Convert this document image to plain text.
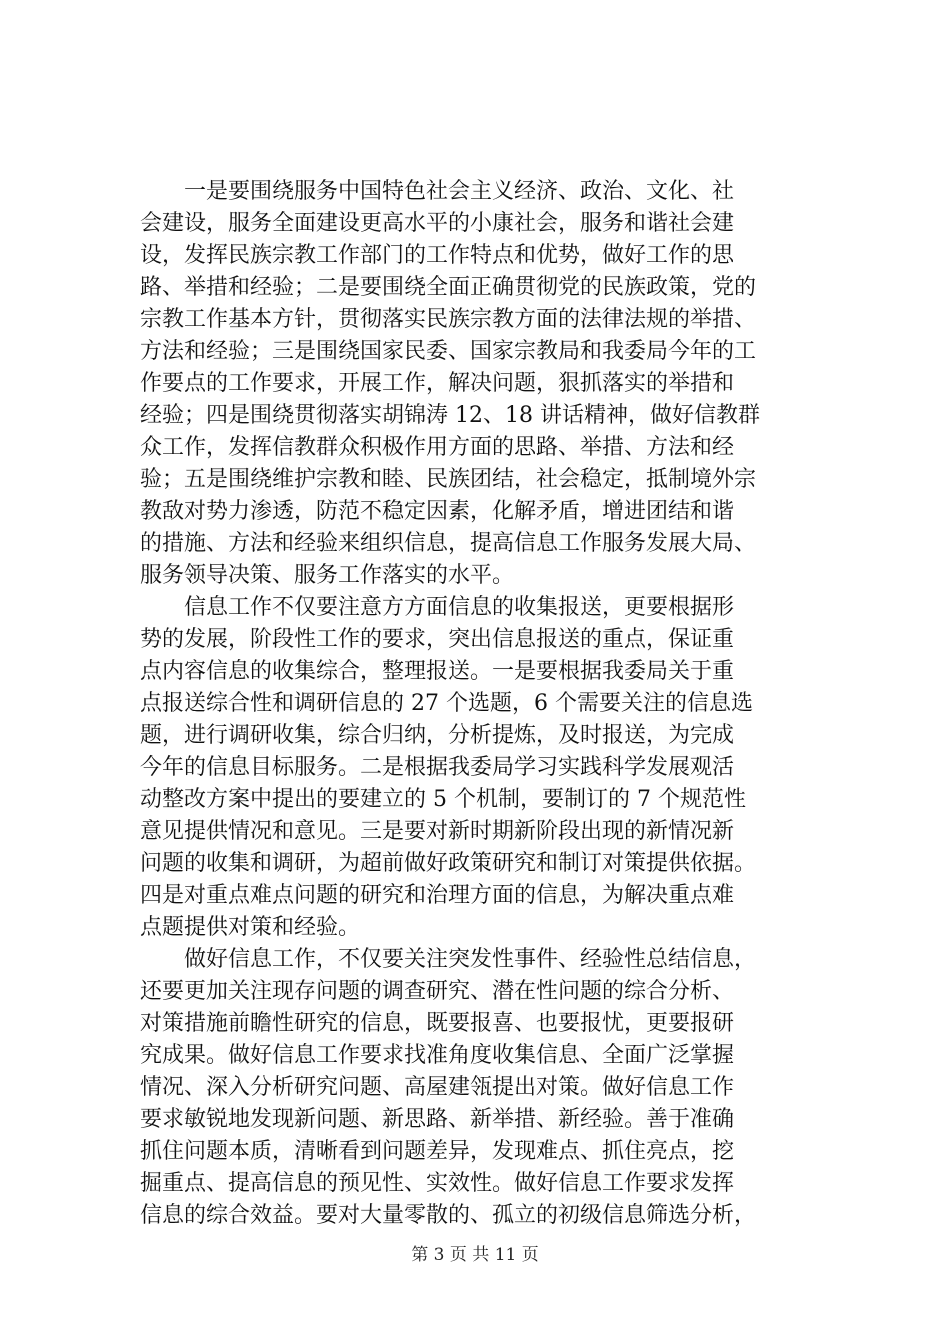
一是要围绕服务中国特色社会主义经济、政治、文化、社
会建设，服务全面建设更高水平的小康社会，服务和谐社会建
设，发挥民族宗教工作部门的工作特点和优势，做好工作的思
路、举措和经验；二是要围绕全面正确贯彻党的民族政策，党的
宗教工作基本方针，贯彻落实民族宗教方面的法律法规的举措、
方法和经验；三是围绕国家民委、国家宗教局和我委局今年的工
作要点的工作要求，开展工作，解决问题，狠抓落实的举措和
经验；四是围绕贯彻落实胡锦涛 12、18 讲话精神，做好信教群
众工作，发挥信教群众积极作用方面的思路、举措、方法和经
验；五是围绕维护宗教和睦、民族团结，社会稳定，抵制境外宗
教敌对势力渗透，防范不稳定因素，化解矛盾，增进团结和谐
的措施、方法和经验来组织信息，提高信息工作服务发展大局、
服务领导决策、服务工作落实的水平。
信息工作不仅要注意方方面信息的收集报送，更要根据形
势的发展，阶段性工作的要求，突出信息报送的重点，保证重
点内容信息的收集综合，整理报送。一是要根据我委局关于重
点报送综合性和调研信息的 27 个选题，6 个需要关注的信息选
题，进行调研收集，综合归纳，分析提炼，及时报送，为完成
今年的信息目标服务。二是根据我委局学习实践科学发展观活
动整改方案中提出的要建立的 5 个机制，要制订的 7 个规范性
意见提供情况和意见。三是要对新时期新阶段出现的新情况新
问题的收集和调研，为超前做好政策研究和制订对策提供依据。
四是对重点难点问题的研究和治理方面的信息，为解决重点难
点题提供对策和经验。
做好信息工作，不仅要关注突发性事件、经验性总结信息，
还要更加关注现存问题的调查研究、潜在性问题的综合分析、
对策措施前瞻性研究的信息，既要报喜、也要报忧，更要报研
究成果。做好信息工作要求找准角度收集信息、全面广泛掌握
情况、深入分析研究问题、高屋建瓴提出对策。做好信息工作
要求敏锐地发现新问题、新思路、新举措、新经验。善于准确
抓住问题本质，清晰看到问题差异，发现难点、抓住亮点，挖
掘重点、提高信息的预见性、实效性。做好信息工作要求发挥
信息的综合效益。要对大量零散的、孤立的初级信息筛选分析，
第 3 页 共 11 页
